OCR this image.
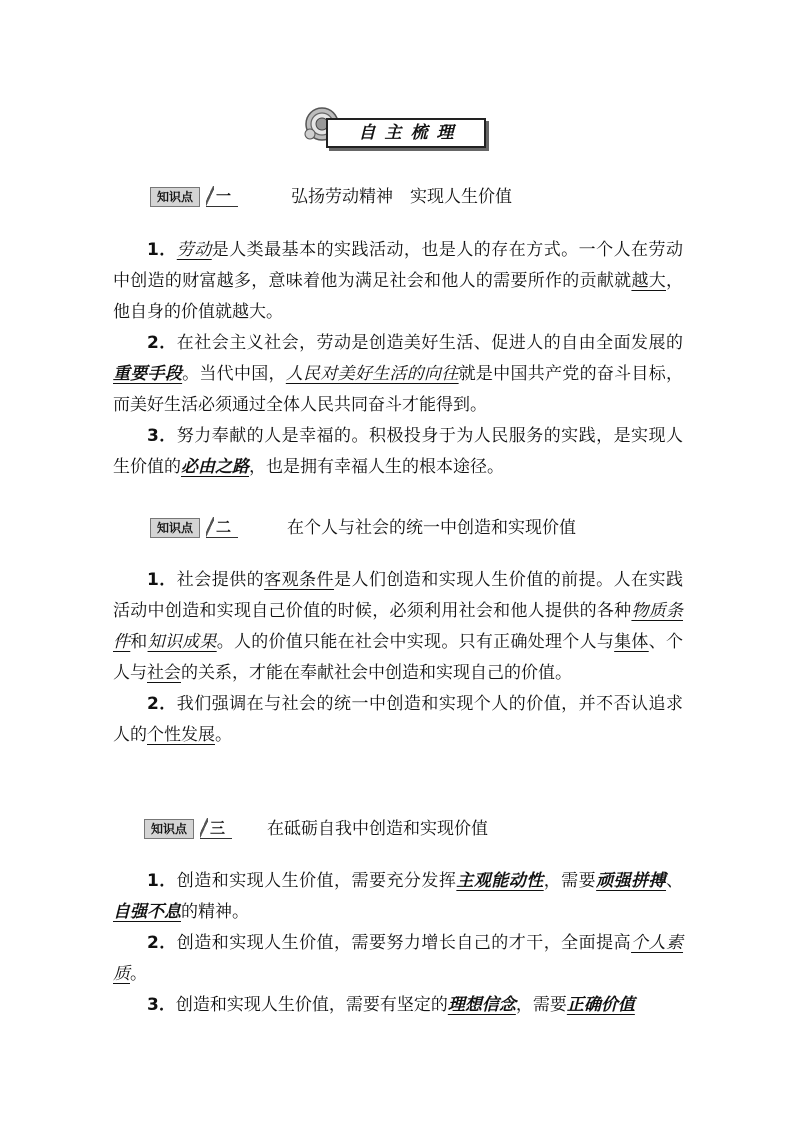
自主梳理
知识点	一	弘扬劳动精神　实现人生价值

1．劳动是人类最基本的实践活动，也是人的存在方式。一个人在劳动中创造的财富越多，意味着他为满足社会和他人的需要所作的贡献就越大，他自身的价值就越大。

2．在社会主义社会，劳动是创造美好生活、促进人的自由全面发展的重要手段。当代中国，人民对美好生活的向往就是中国共产党的奋斗目标，而美好生活必须通过全体人民共同奋斗才能得到。

3．努力奉献的人是幸福的。积极投身于为人民服务的实践，是实现人生价值的必由之路，也是拥有幸福人生的根本途径。

知识点	二	在个人与社会的统一中创造和实现价值

1．社会提供的客观条件是人们创造和实现人生价值的前提。人在实践活动中创造和实现自己价值的时候，必须利用社会和他人提供的各种物质条件和知识成果。人的价值只能在社会中实现。只有正确处理个人与集体、个人与社会的关系，才能在奉献社会中创造和实现自己的价值。

2．我们强调在与社会的统一中创造和实现个人的价值，并不否认追求人的个性发展。

知识点	三 在砥砺自我中创造和实现价值

1．创造和实现人生价值，需要充分发挥主观能动性，需要顽强拼搏、自强不息的精神。

2．创造和实现人生价值，需要努力增长自己的才干，全面提高个人素质。

3．创造和实现人生价值，需要有坚定的理想信念，需要正确价值
